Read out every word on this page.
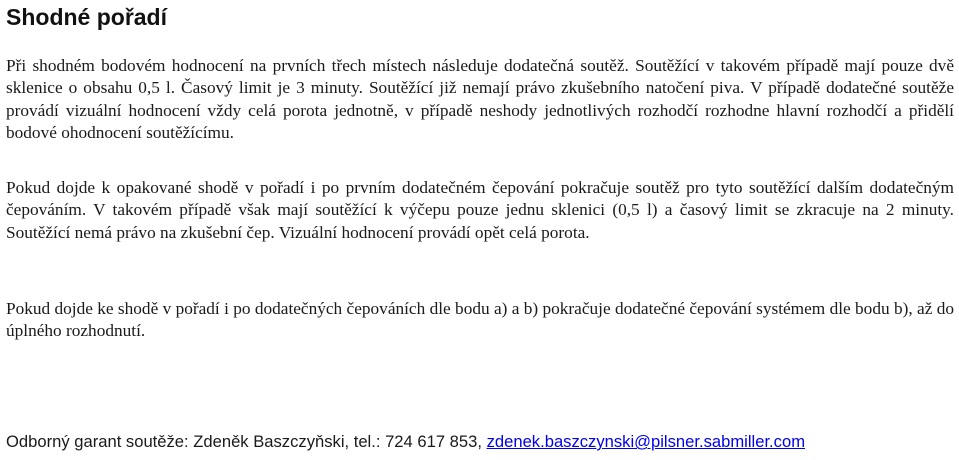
Shodné pořadí

Při shodném bodovém hodnocení na prvních třech místech následuje dodatečná soutěž. Soutěžící v takovém případě mají pouze dvě sklenice o obsahu 0,5 l. Časový limit je 3 minuty. Soutěžící již nemají právo zkušebního natočení piva. V případě dodatečné soutěže provádí vizuální hodnocení vždy celá porota jednotně, v případě neshody jednotlivých rozhodčí rozhodne hlavní rozhodčí a přidělí bodové ohodnocení soutěžícímu.

Pokud dojde k opakované shodě v pořadí i po prvním dodatečném čepování pokračuje soutěž pro tyto soutěžící dalším dodatečným čepováním. V takovém případě však mají soutěžící k výčepu pouze jednu sklenici (0,5 l) a časový limit se zkracuje na 2 minuty. Soutěžící nemá právo na zkušební čep. Vizuální hodnocení provádí opět celá porota.

Pokud dojde ke shodě v pořadí i po dodatečných čepováních dle bodu a) a b) pokračuje dodatečné čepování systémem dle bodu b), až do úplného rozhodnutí.

Odborný garant soutěže: Zdeněk Baszczyňski, tel.: 724 617 853, zdenek.baszczynski@pilsner.sabmiller.com
